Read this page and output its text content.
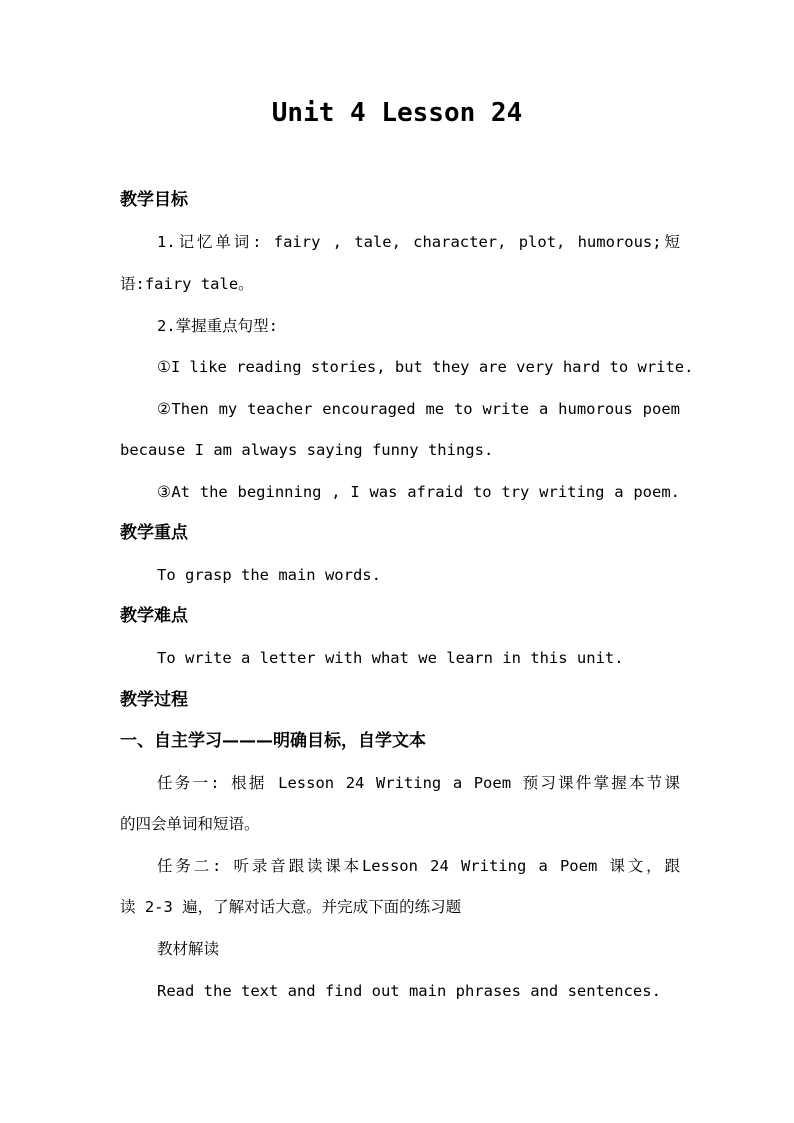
Unit 4 Lesson 24
教学目标
1.记忆单词: fairy , tale, character, plot, humorous;短
语:fairy tale。
2.掌握重点句型:
①I like reading stories, but they are very hard to write.
②Then my teacher encouraged me to write a humorous poem
because I am always saying funny things.
③At the beginning , I was afraid to try writing a poem.
教学重点
To grasp the main words.
教学难点
To write a letter with what we learn in this unit.
教学过程
一、自主学习———明确目标，自学文本
任务一: 根据 Lesson 24 Writing a Poem 预习课件掌握本节课
的四会单词和短语。
任务二: 听录音跟读课本Lesson 24 Writing a Poem 课文，跟
读 2-3 遍，了解对话大意。并完成下面的练习题
教材解读
Read the text and find out main phrases and sentences.
